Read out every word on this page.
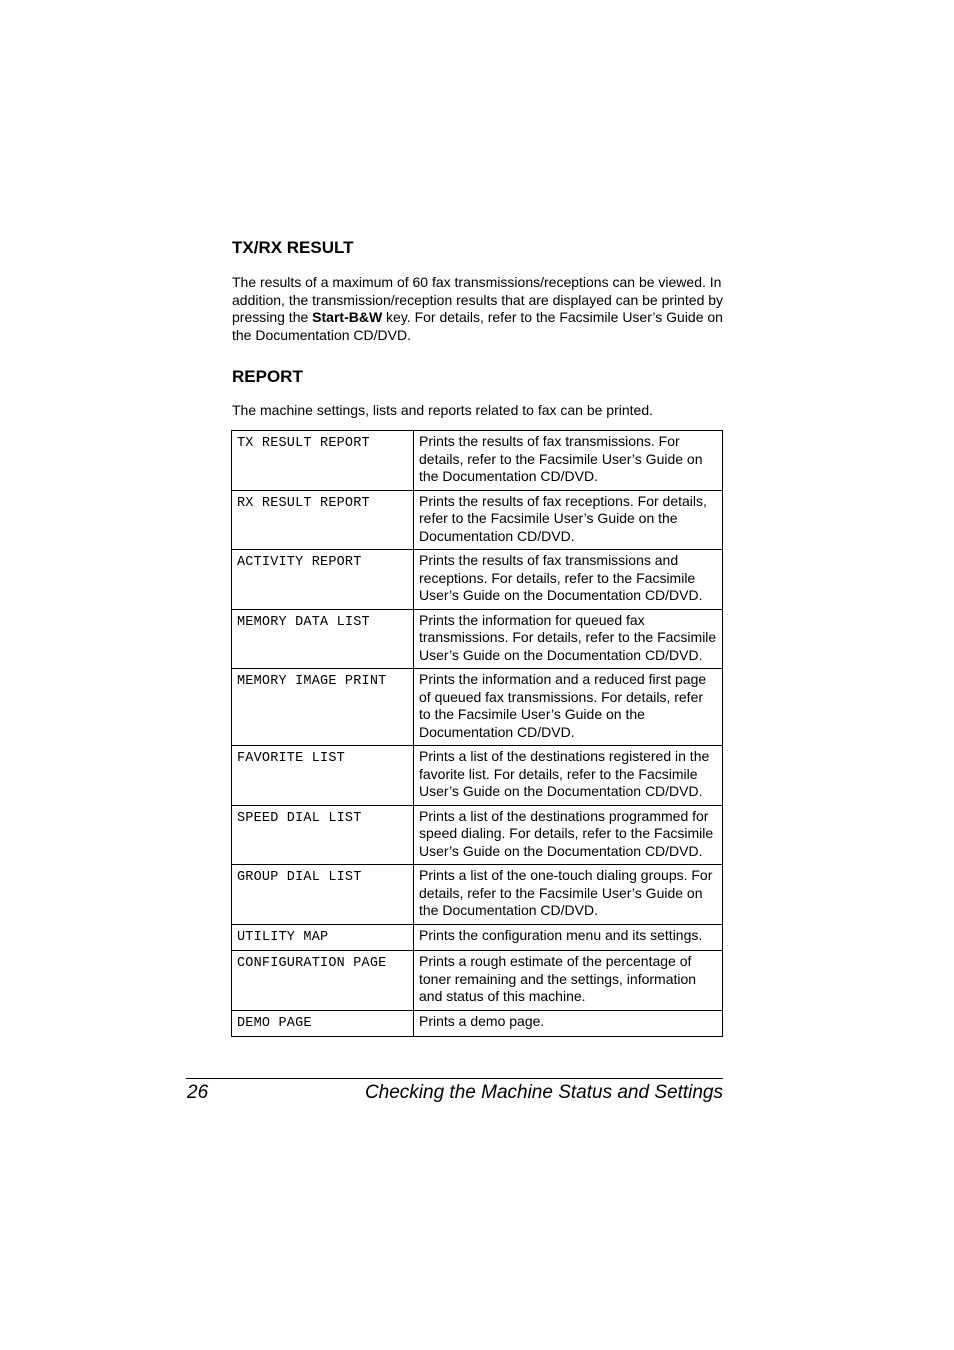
TX/RX RESULT

The results of a maximum of 60 fax transmissions/receptions can be viewed. In addition, the transmission/reception results that are displayed can be printed by pressing the Start-B&W key. For details, refer to the Facsimile User’s Guide on the Documentation CD/DVD.

REPORT

The machine settings, lists and reports related to fax can be printed.

TX RESULT REPORT	Prints the results of fax transmissions. For details, refer to the Facsimile User’s Guide on the Documentation CD/DVD.
RX RESULT REPORT	Prints the results of fax receptions. For details, refer to the Facsimile User’s Guide on the Documentation CD/DVD.
ACTIVITY REPORT	Prints the results of fax transmissions and receptions. For details, refer to the Facsimile User’s Guide on the Documentation CD/DVD.
MEMORY DATA LIST	Prints the information for queued fax transmissions. For details, refer to the Facsimile User’s Guide on the Documentation CD/DVD.
MEMORY IMAGE PRINT	Prints the information and a reduced first page of queued fax transmissions. For details, refer to the Facsimile User’s Guide on the Documentation CD/DVD.
FAVORITE LIST	Prints a list of the destinations registered in the favorite list. For details, refer to the Facsimile User’s Guide on the Documentation CD/DVD.
SPEED DIAL LIST	Prints a list of the destinations programmed for speed dialing. For details, refer to the Facsimile User’s Guide on the Documentation CD/DVD.
GROUP DIAL LIST	Prints a list of the one-touch dialing groups. For details, refer to the Facsimile User’s Guide on the Documentation CD/DVD.
UTILITY MAP	Prints the configuration menu and its settings.
CONFIGURATION PAGE	Prints a rough estimate of the percentage of toner remaining and the settings, information and status of this machine.
DEMO PAGE	Prints a demo page.
26	Checking the Machine Status and Settings
